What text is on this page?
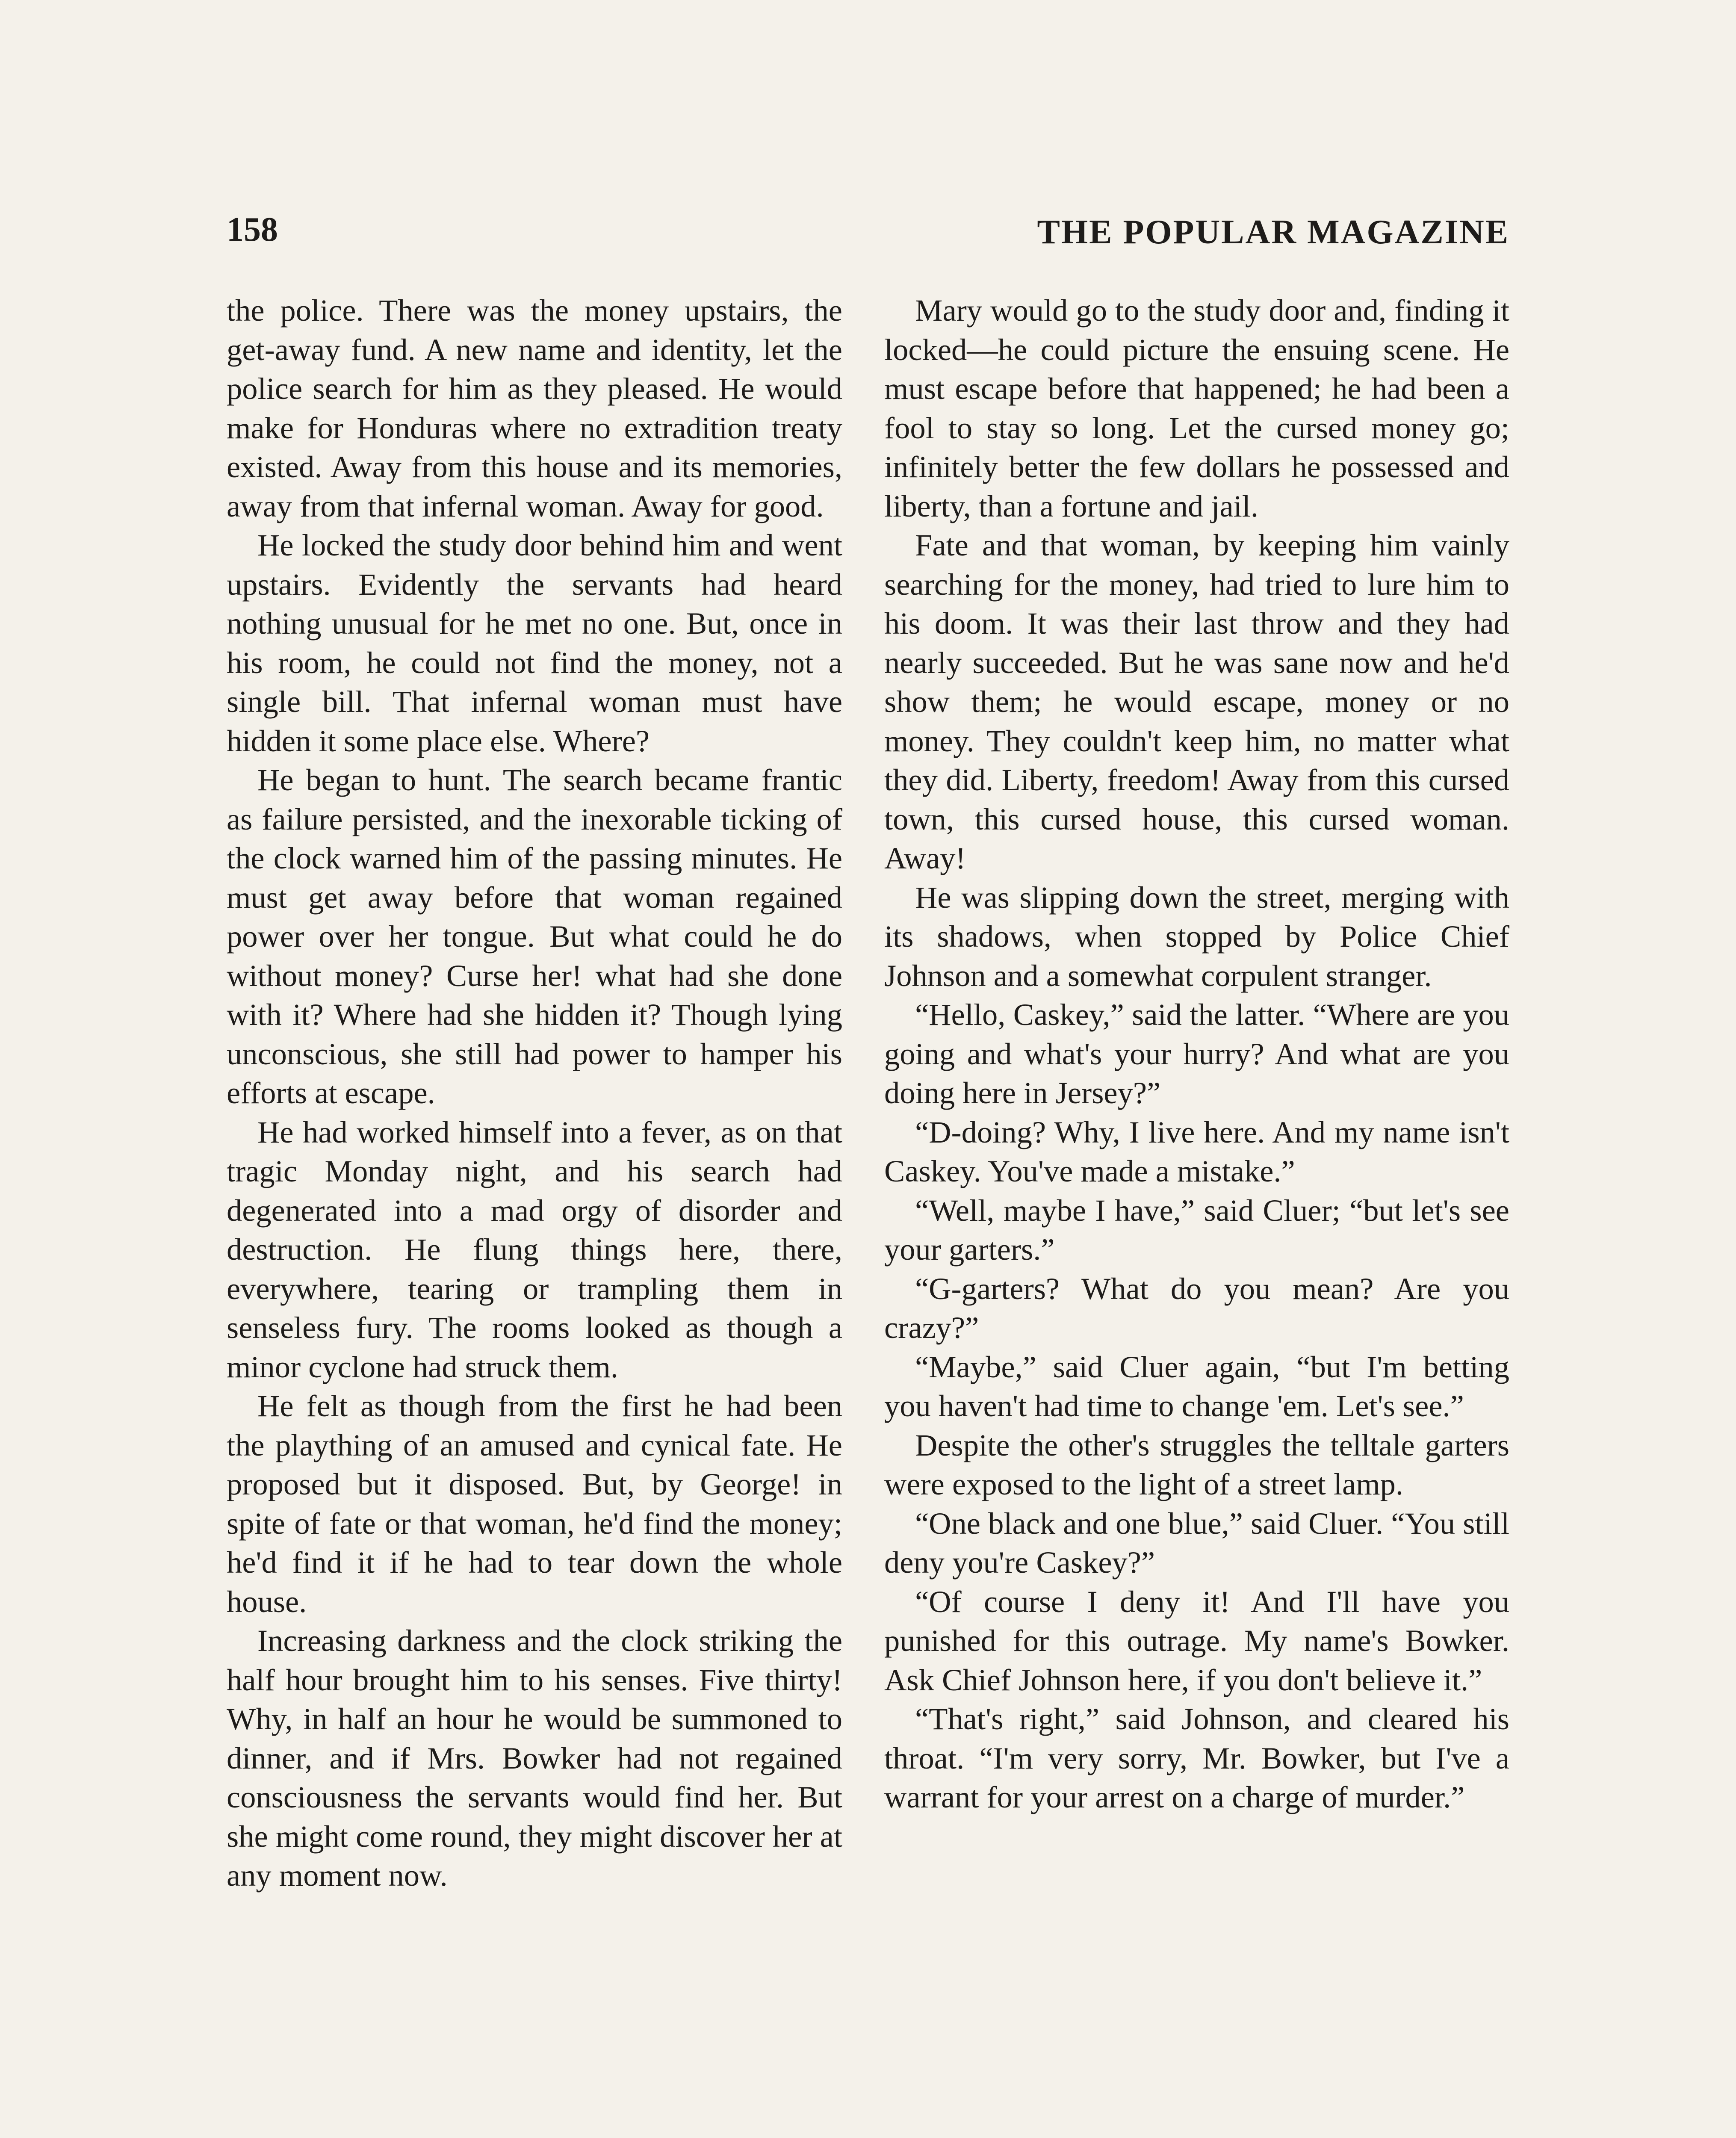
158	THE POPULAR MAGAZINE

the police. There was the money upstairs, the get-away fund. A new name and identity, let the police search for him as they pleased. He would make for Honduras where no extradition treaty existed. Away from this house and its memories, away from that infernal woman. Away for good.

He locked the study door behind him and went upstairs. Evidently the servants had heard nothing unusual for he met no one. But, once in his room, he could not find the money, not a single bill. That infernal woman must have hidden it some place else. Where?

He began to hunt. The search became frantic as failure persisted, and the inexorable ticking of the clock warned him of the passing minutes. He must get away before that woman regained power over her tongue. But what could he do without money? Curse her! what had she done with it? Where had she hidden it? Though lying unconscious, she still had power to hamper his efforts at escape.

He had worked himself into a fever, as on that tragic Monday night, and his search had degenerated into a mad orgy of disorder and destruction. He flung things here, there, everywhere, tearing or trampling them in senseless fury. The rooms looked as though a minor cyclone had struck them.

He felt as though from the first he had been the plaything of an amused and cynical fate. He proposed but it disposed. But, by George! in spite of fate or that woman, he'd find the money; he'd find it if he had to tear down the whole house.

Increasing darkness and the clock striking the half hour brought him to his senses. Five thirty! Why, in half an hour he would be summoned to dinner, and if Mrs. Bowker had not regained consciousness the servants would find her. But she might come round, they might discover her at any moment now.

Mary would go to the study door and, finding it locked—he could picture the ensuing scene. He must escape before that happened; he had been a fool to stay so long. Let the cursed money go; infinitely better the few dollars he possessed and liberty, than a fortune and jail.

Fate and that woman, by keeping him vainly searching for the money, had tried to lure him to his doom. It was their last throw and they had nearly succeeded. But he was sane now and he'd show them; he would escape, money or no money. They couldn't keep him, no matter what they did. Liberty, freedom! Away from this cursed town, this cursed house, this cursed woman. Away!

He was slipping down the street, merging with its shadows, when stopped by Police Chief Johnson and a somewhat corpulent stranger.

“Hello, Caskey,” said the latter. “Where are you going and what's your hurry? And what are you doing here in Jersey?”

“D-doing? Why, I live here. And my name isn't Caskey. You've made a mistake.”

“Well, maybe I have,” said Cluer; “but let's see your garters.”

“G-garters? What do you mean? Are you crazy?”

“Maybe,” said Cluer again, “but I'm betting you haven't had time to change 'em. Let's see.”

Despite the other's struggles the telltale garters were exposed to the light of a street lamp.

“One black and one blue,” said Cluer. “You still deny you're Caskey?”

“Of course I deny it! And I'll have you punished for this outrage. My name's Bowker. Ask Chief Johnson here, if you don't believe it.”

“That's right,” said Johnson, and cleared his throat. “I'm very sorry, Mr. Bowker, but I've a warrant for your arrest on a charge of murder.”
